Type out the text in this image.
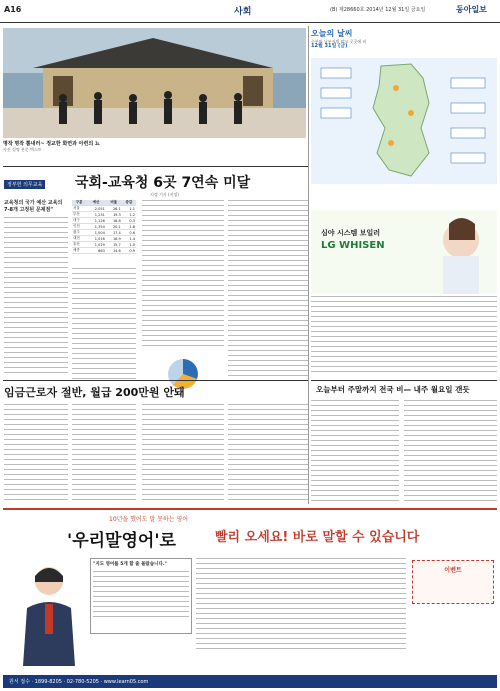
A16	사회	(B) 제28660호 2014년 12월 31일 금요일	동아일보
명작 명작 뽐내러~ 정교한 화면과 아련의 뇨
사진 설명 본문 텍스트
정부헌 의무교육 국회-교육청 6곳 7연속 미달
지정 기사 (지정)
교육청의 국가 예산 교육의 7-8개 고정된 문제점"
구분	예산	비율	증감
서울	2,051	26.1	1.1
부산	1,231	19.3	1.2
대구	1,126	18.8	0.3
인천	1,354	20.1	1.8
광주	1,004	17.4	0.6
대전	1,016	16.9	1.4
울산	1,029	15.7	1.0
세종	863	14.6	0.9
임금근로자 절반, 월급 200만원 안돼
오늘의 날씨
중부와 남부지방 맑고 곳곳에 비
12월 31일 (금)
LG WHISEN
심야 시스템 보일러
오늘부터 주말까지 전국 비— 내주 월요일 갠듯
10년을 했어도 말 못하는 영어
'우리말영어'로	빨리 오세요! 바로 말할 수 있습니다
"지도 영어를 5개 할 줄 몰랐습니다."
이벤트
원서 접수 · 1899-8205 · 02-780-5205 · www.learn05.com
